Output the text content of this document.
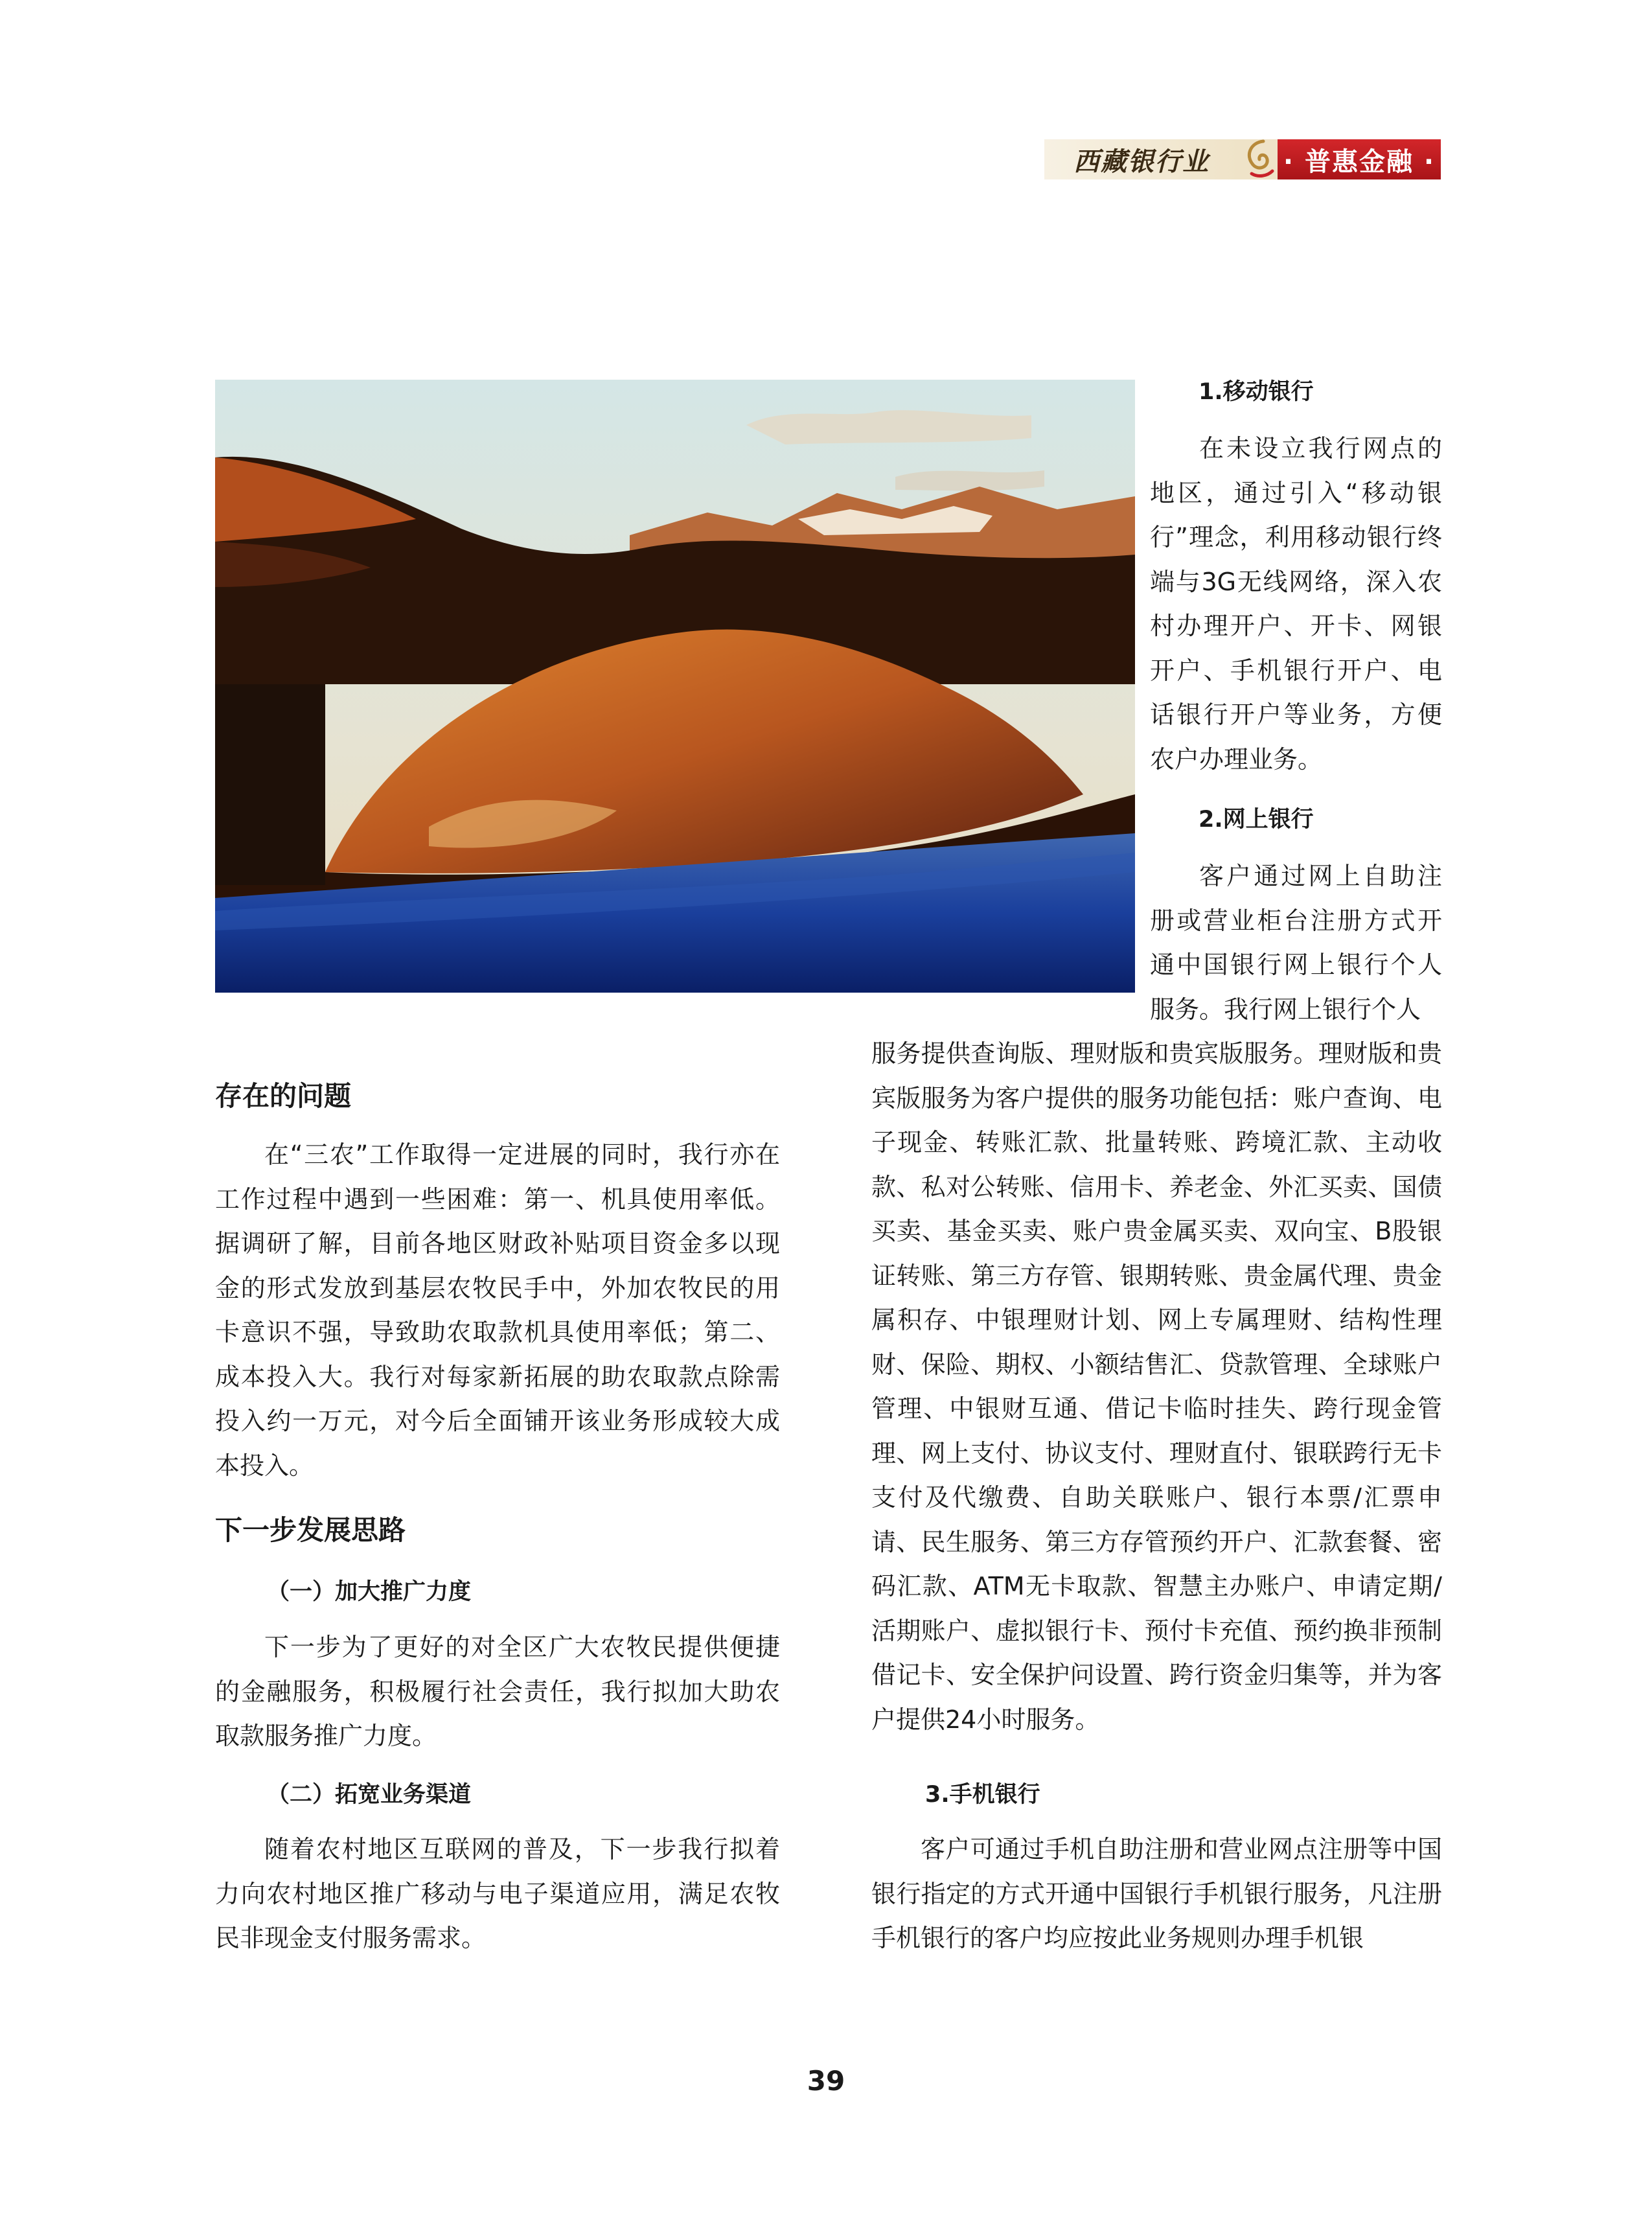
西藏银行业	· 普惠金融 ·

1.移动银行

在未设立我行网点的地区，通过引入“移动银行”理念，利用移动银行终端与3G无线网络，深入农村办理开户、开卡、网银开户、手机银行开户、电话银行开户等业务，方便农户办理业务。

2.网上银行

客户通过网上自助注册或营业柜台注册方式开通中国银行网上银行个人服务。我行网上银行个人

服务提供查询版、理财版和贵宾版服务。理财版和贵宾版服务为客户提供的服务功能包括：账户查询、电子现金、转账汇款、批量转账、跨境汇款、主动收款、私对公转账、信用卡、养老金、外汇买卖、国债买卖、基金买卖、账户贵金属买卖、双向宝、B股银证转账、第三方存管、银期转账、贵金属代理、贵金属积存、中银理财计划、网上专属理财、结构性理财、保险、期权、小额结售汇、贷款管理、全球账户管理、中银财互通、借记卡临时挂失、跨行现金管理、网上支付、协议支付、理财直付、银联跨行无卡支付及代缴费、自助关联账户、银行本票/汇票申请、民生服务、第三方存管预约开户、汇款套餐、密码汇款、ATM无卡取款、智慧主办账户、申请定期/活期账户、虚拟银行卡、预付卡充值、预约换非预制借记卡、安全保护问设置、跨行资金归集等，并为客户提供24小时服务。

3.手机银行

客户可通过手机自助注册和营业网点注册等中国银行指定的方式开通中国银行手机银行服务，凡注册手机银行的客户均应按此业务规则办理手机银

存在的问题

在“三农”工作取得一定进展的同时，我行亦在工作过程中遇到一些困难：第一、机具使用率低。据调研了解，目前各地区财政补贴项目资金多以现金的形式发放到基层农牧民手中，外加农牧民的用卡意识不强，导致助农取款机具使用率低；第二、成本投入大。我行对每家新拓展的助农取款点除需投入约一万元，对今后全面铺开该业务形成较大成本投入。

下一步发展思路

（一）加大推广力度

下一步为了更好的对全区广大农牧民提供便捷的金融服务，积极履行社会责任，我行拟加大助农取款服务推广力度。

（二）拓宽业务渠道

随着农村地区互联网的普及，下一步我行拟着力向农村地区推广移动与电子渠道应用，满足农牧民非现金支付服务需求。

39
